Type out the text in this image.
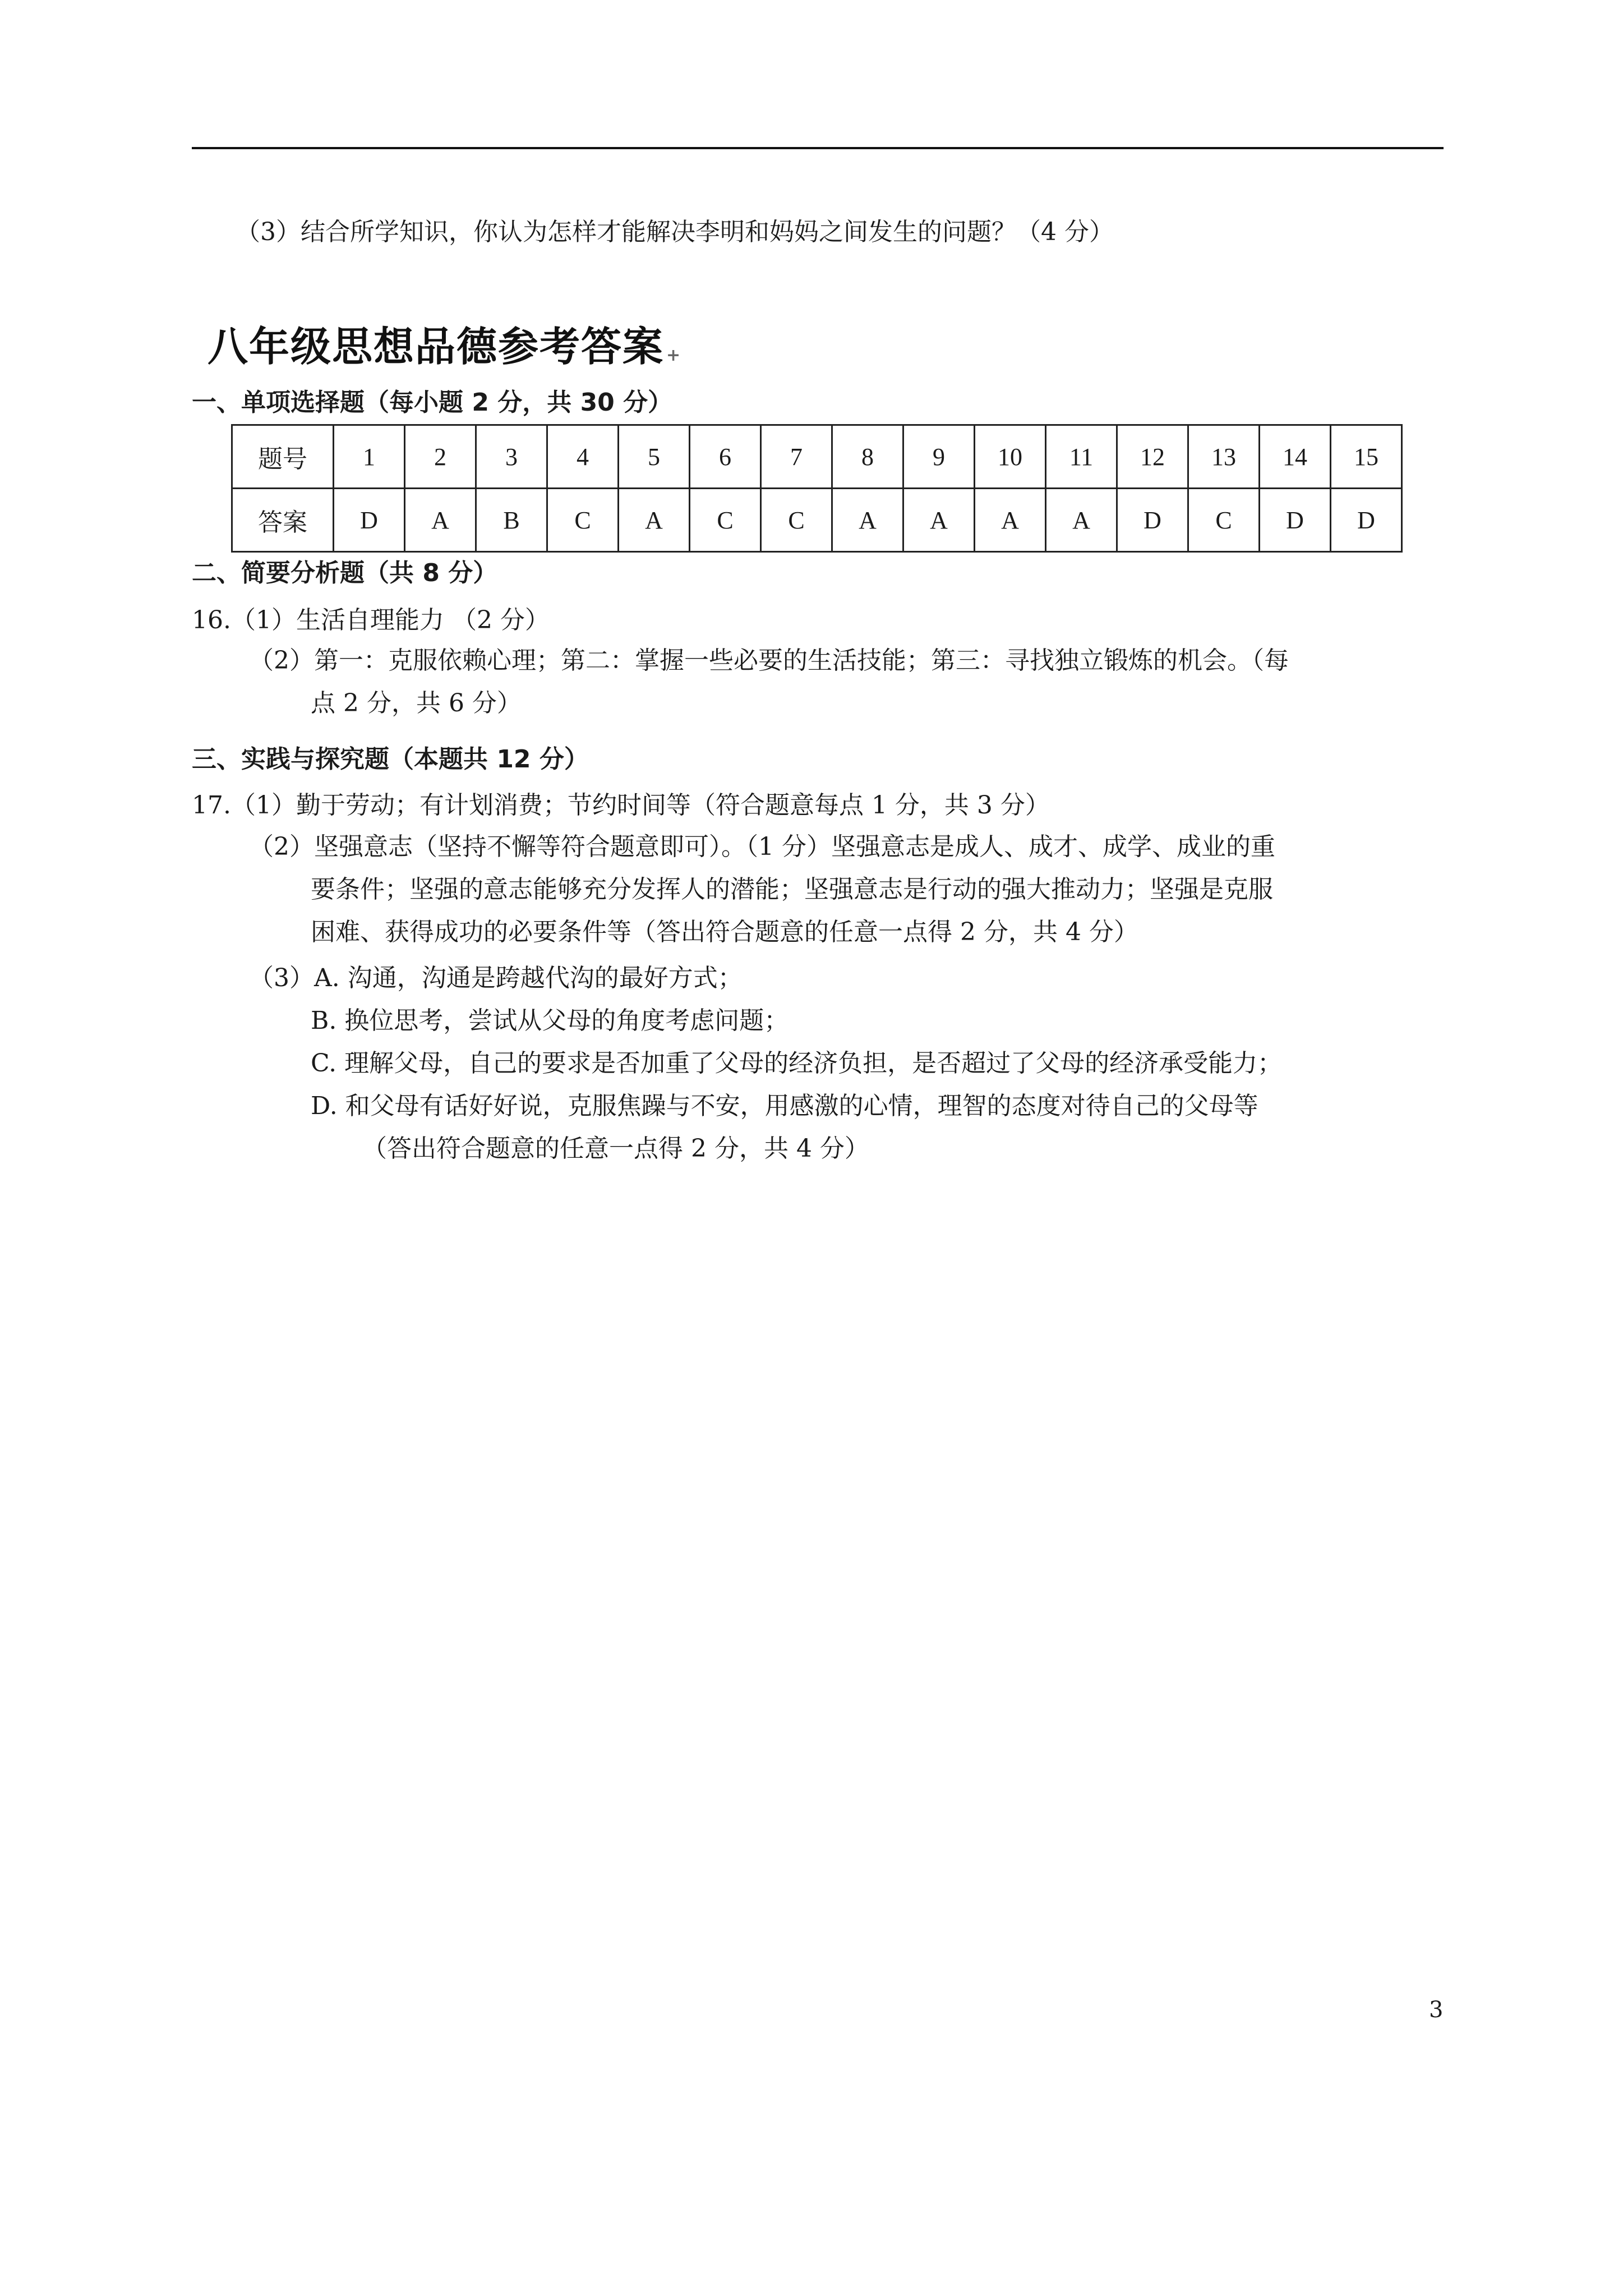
（3）结合所学知识，你认为怎样才能解决李明和妈妈之间发生的问题？（4 分）
八年级思想品德参考答案 +
一、单项选择题（每小题 2 分，共 30 分）
题号	1	2	3	4	5	6	7	8	9	10	11	12	13	14	15
答案	D	A	B	C	A	C	C	A	A	A	A	D	C	D	D
二、简要分析题（共 8 分）
16.（1）生活自理能力 （2 分）
（2）第一：克服依赖心理；第二：掌握一些必要的生活技能；第三：寻找独立锻炼的机会。（每
点 2 分，共 6 分）
三、实践与探究题（本题共 12 分）
17.（1）勤于劳动；有计划消费；节约时间等（符合题意每点 1 分，共 3 分）
（2）坚强意志（坚持不懈等符合题意即可）。（1 分）坚强意志是成人、成才、成学、成业的重
要条件；坚强的意志能够充分发挥人的潜能；坚强意志是行动的强大推动力；坚强是克服
困难、获得成功的必要条件等（答出符合题意的任意一点得 2 分，共 4 分）
（3）A. 沟通，沟通是跨越代沟的最好方式；
B. 换位思考，尝试从父母的角度考虑问题；
C. 理解父母，自己的要求是否加重了父母的经济负担，是否超过了父母的经济承受能力；
D. 和父母有话好好说，克服焦躁与不安，用感激的心情，理智的态度对待自己的父母等
（答出符合题意的任意一点得 2 分，共 4 分）
3
